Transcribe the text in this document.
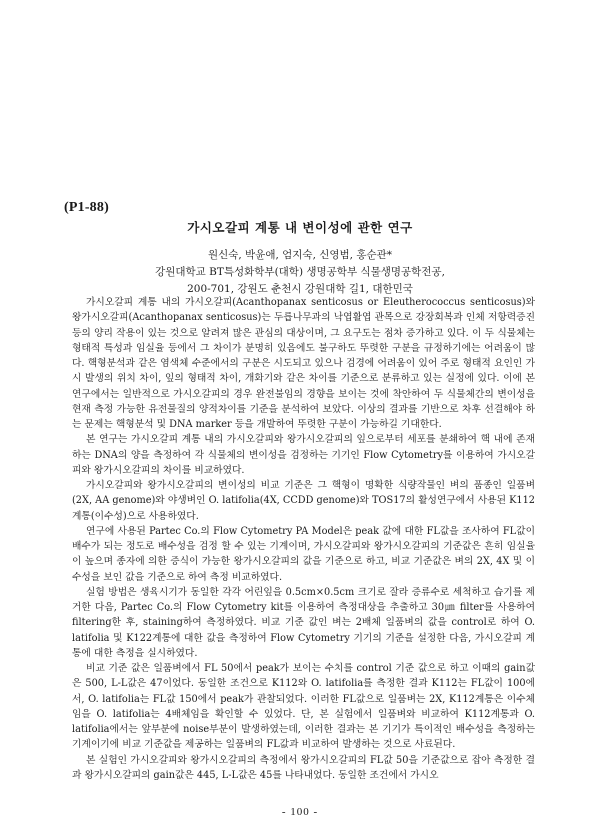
(P1-88)
가시오갈피 계통 내 변이성에 관한 연구
원신숙, 박윤애, 엄지숙, 신영범, 홍순관*
강원대학교 BT특성화학부(대학) 생명공학부 식물생명공학전공,
200-701, 강원도 춘천시 강원대학 길1, 대한민국

가시오갈피 계통 내의 가시오갈피(Acanthopanax senticosus or Eleutherococcus senticosus)와 왕가시오갈피(Acanthopanax senticosus)는 두릅나무과의 낙엽활엽 관목으로 강장회복과 인체 저항력증진 등의 양리 작용이 있는 것으로 알려져 많은 관심의 대상이며, 그 요구도는 점차 증가하고 있다. 이 두 식물체는 형태적 특성과 임실율 등에서 그 차이가 분명히 있음에도 불구하도 뚜렷한 구분을 규정하기에는 어려움이 많다. 핵형분석과 같은 염색체 수준에서의 구분은 시도되고 있으나 검경에 어려움이 있어 주로 형태적 요인인 가시 발생의 위치 차이, 잎의 형태적 차이, 개화기와 같은 차이를 기준으로 분류하고 있는 실정에 있다. 이에 본 연구에서는 일반적으로 가시오갈피의 경우 완전불임의 경향을 보이는 것에 착안하여 두 식물체간의 변이성을 현재 측정 가능한 유전물질의 양적차이를 기준을 분석하여 보았다. 이상의 결과를 기반으로 차후 선결해야 하는 문제는 핵형분석 및 DNA marker 등을 개발하여 뚜렷한 구분이 가능하길 기대한다.

본 연구는 가시오갈피 계통 내의 가시오갈피와 왕가시오갈피의 잎으로부터 세포를 분쇄하여 핵 내에 존재하는 DNA의 양을 측정하여 각 식물체의 변이성을 검정하는 기기인 Flow Cytometry를 이용하여 가시오갈피와 왕가시오갈피의 차이를 비교하였다.

가시오갈피와 왕가시오갈피의 변이성의 비교 기준은 그 핵형이 명확한 식량작물인 벼의 품종인 일품벼(2X, AA genome)와 야생벼인 O. latifolia(4X, CCDD genome)와 TOS17의 활성연구에서 사용된 K112계통(이수성)으로 사용하였다.

연구에 사용된 Partec Co.의 Flow Cytometry PA Model은 peak 값에 대한 FL값을 조사하여 FL값이 배수가 되는 정도로 배수성을 검정 할 수 있는 기계이며, 가시오갈피와 왕가시오갈피의 기준값은 흔히 임실율이 높으며 종자에 의한 증식이 가능한 왕가시오갈피의 값을 기준으로 하고, 비교 기준값은 벼의 2X, 4X 및 이수성을 보인 값을 기준으로 하여 측정 비교하였다.

실험 방법은 생육시기가 동일한 각각 어린잎을 0.5cm×0.5cm 크기로 잘라 증류수로 세척하고 습기를 제거한 다음, Partec Co.의 Flow Cytometry kit를 이용하여 측정대상을 추출하고 30㎛ filter를 사용하여 filtering한 후, staining하여 측정하였다. 비교 기준 값인 벼는 2배체 일품벼의 값을 control로 하여 O. latifolia 및 K122계통에 대한 값을 측정하여 Flow Cytometry 기기의 기준을 설정한 다음, 가시오갈피 계통에 대한 측정을 실시하였다.

비교 기준 값은 일품벼에서 FL 50에서 peak가 보이는 수치를 control 기준 값으로 하고 이때의 gain값은 500, L-L값은 47이었다. 동일한 조건으로 K112와 O. latifolia를 측정한 결과 K112는 FL값이 100에서, O. latifolia는 FL값 150에서 peak가 관찰되었다. 이러한 FL값으로 일품벼는 2X, K112계통은 이수체임을 O. latifolia는 4배체임을 확인할 수 있었다. 단, 본 실험에서 일품벼와 비교하여 K112계통과 O. latifolia에서는 앞부분에 noise부분이 발생하였는데, 이러한 결과는 본 기기가 특이적인 배수성을 측정하는 기계이기에 비교 기준값을 제공하는 일품벼의 FL값과 비교하여 발생하는 것으로 사료된다.

본 실험인 가시오갈피와 왕가시오갈피의 측정에서 왕가시오갈피의 FL값 50을 기준값으로 잡아 측정한 결과 왕가시오갈피의 gain값은 445, L-L값은 45를 나타내었다. 동일한 조건에서 가시오

- 100 -
